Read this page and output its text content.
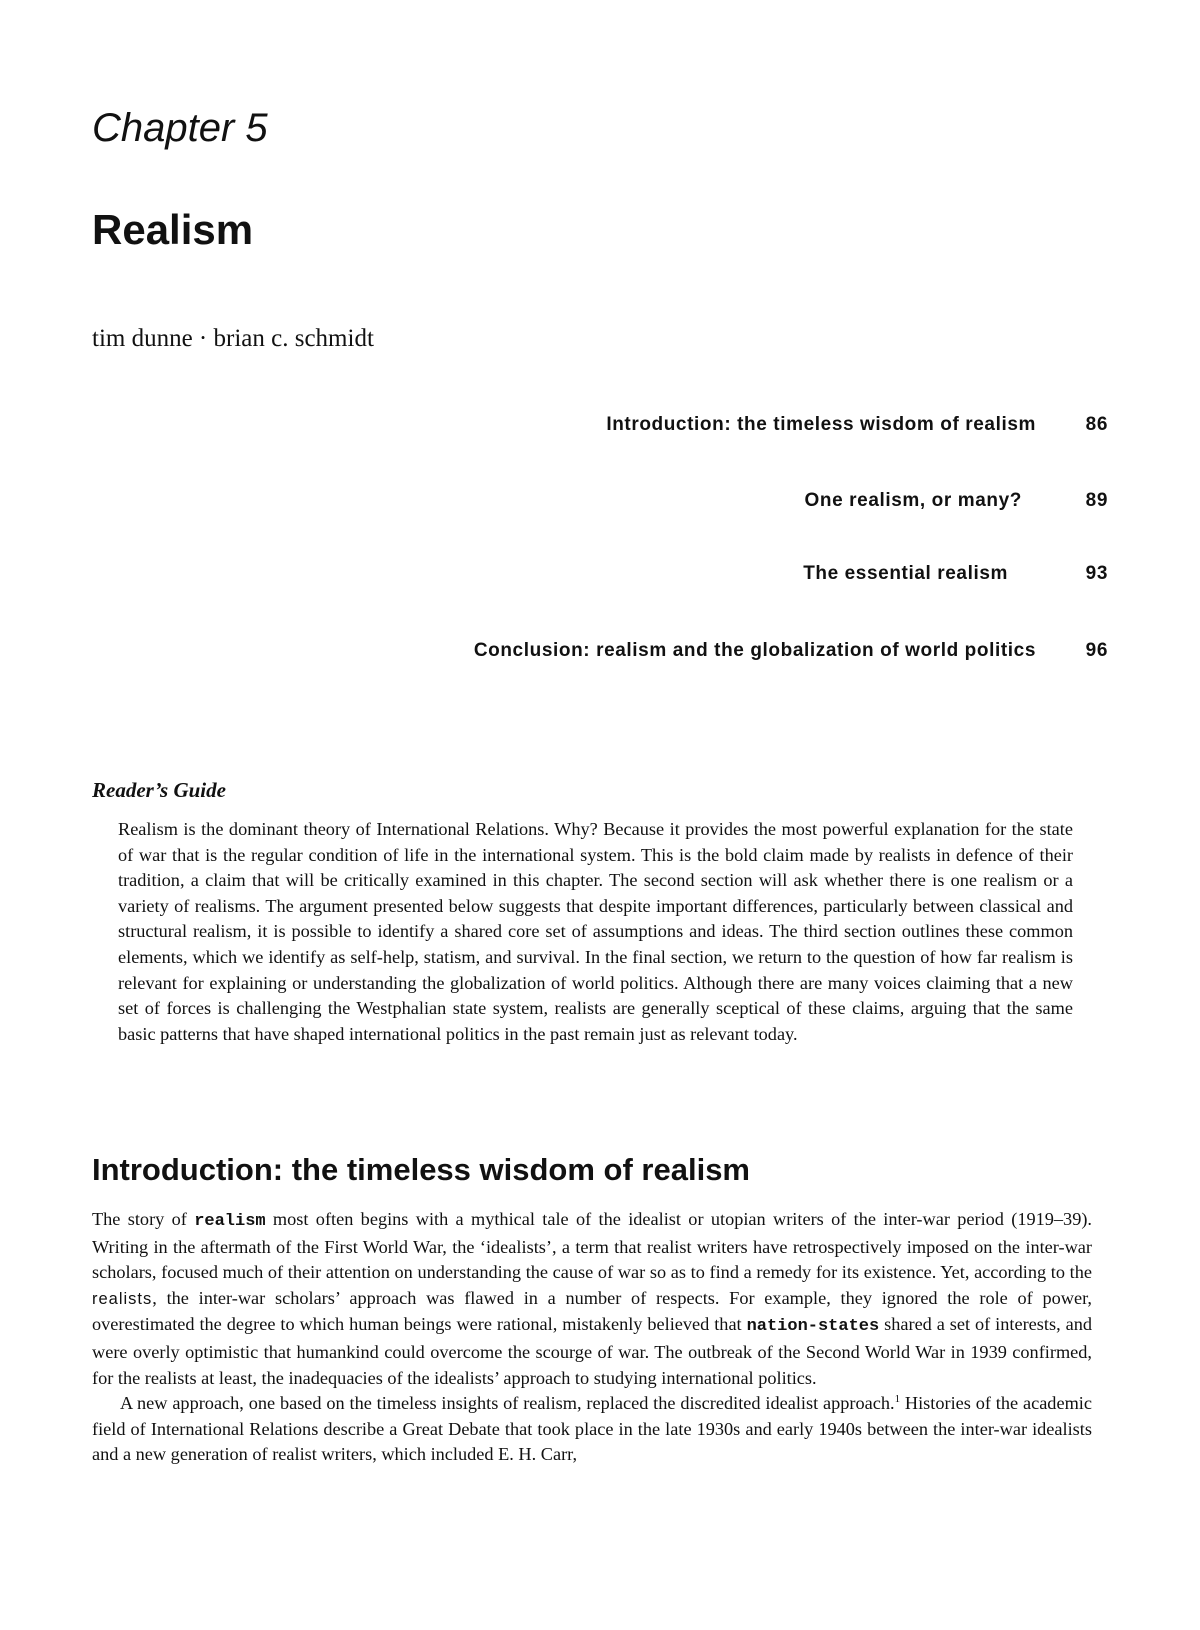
Chapter 5
Realism

tim dunne · brian c. schmidt

Introduction: the timeless wisdom of realism	86
One realism, or many?	89
The essential realism	93
Conclusion: realism and the globalization of world politics	96
Reader’s Guide

Realism is the dominant theory of International Relations. Why? Because it provides the most powerful explanation for the state of war that is the regular condition of life in the international system. This is the bold claim made by realists in defence of their tradition, a claim that will be critically examined in this chapter. The second section will ask whether there is one realism or a variety of realisms. The argument presented below suggests that despite important differences, particularly between classical and structural realism, it is possible to identify a shared core set of assumptions and ideas. The third section outlines these common elements, which we identify as self-help, statism, and survival. In the final section, we return to the question of how far realism is relevant for explaining or understanding the globalization of world politics. Although there are many voices claiming that a new set of forces is challenging the Westphalian state system, realists are generally sceptical of these claims, arguing that the same basic patterns that have shaped international politics in the past remain just as relevant today.

Introduction: the timeless wisdom of realism

The story of realism most often begins with a mythical tale of the idealist or utopian writers of the inter-war period (1919–39). Writing in the aftermath of the First World War, the ‘idealists’, a term that realist writers have retrospectively imposed on the inter-war scholars, focused much of their attention on understanding the cause of war so as to find a remedy for its existence. Yet, according to the realists, the inter-war scholars’ approach was flawed in a number of respects. For example, they ignored the role of power, overestimated the degree to which human beings were rational, mistakenly believed that nation-states shared a set of interests, and were overly optimistic that humankind could overcome the scourge of war. The outbreak of the Second World War in 1939 confirmed, for the realists at least, the inadequacies of the idealists’ approach to studying international politics.

A new approach, one based on the timeless insights of realism, replaced the discredited idealist approach.$^1$ Histories of the academic field of International Relations describe a Great Debate that took place in the late 1930s and early 1940s between the inter-war idealists and a new generation of realist writers, which included E. H. Carr,
